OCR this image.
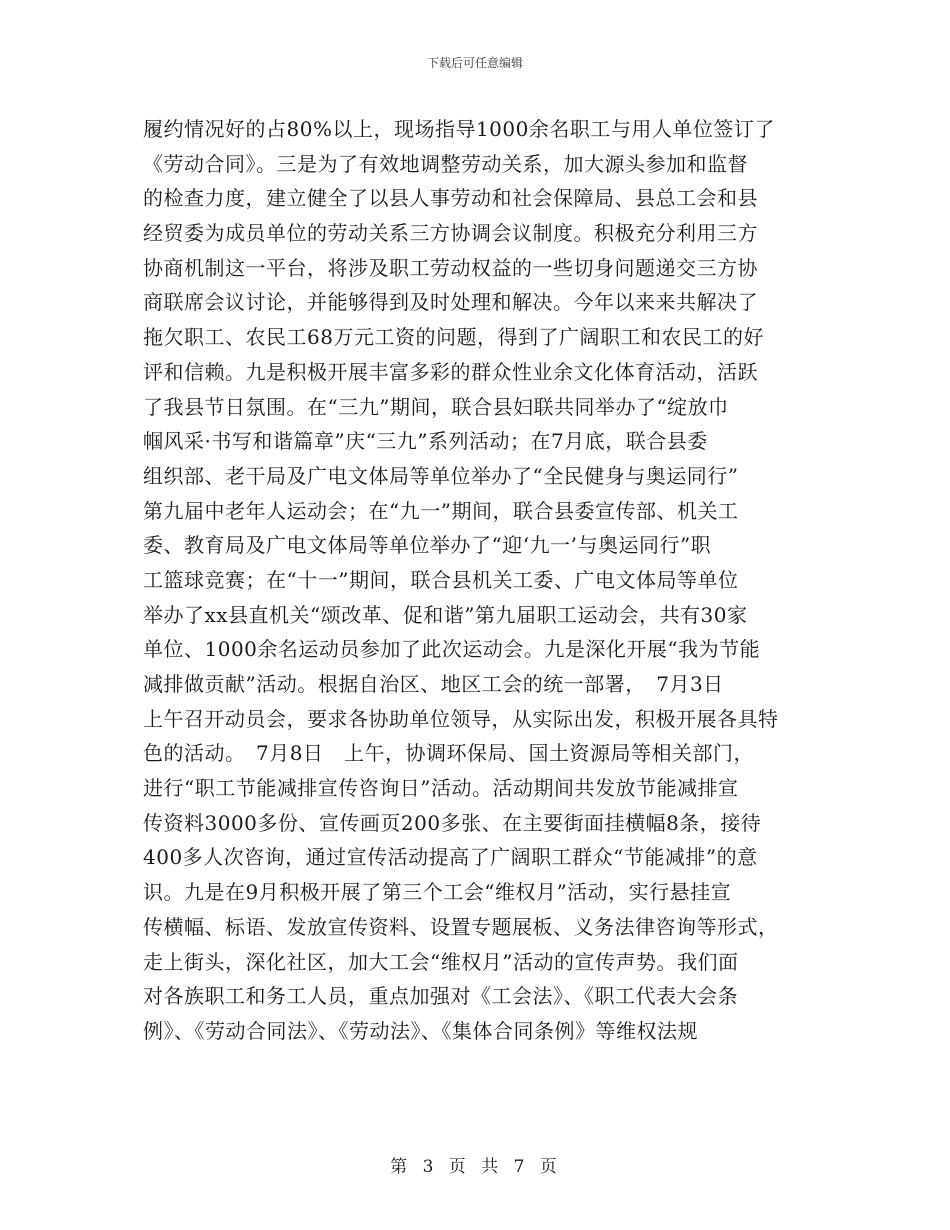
下载后可任意编辑
履约情况好的占80%以上，现场指导1000余名职工与用人单位签订了
《劳动合同》。三是为了有效地调整劳动关系，加大源头参加和监督
的检查力度，建立健全了以县人事劳动和社会保障局、县总工会和县
经贸委为成员单位的劳动关系三方协调会议制度。积极充分利用三方
协商机制这一平台，将涉及职工劳动权益的一些切身问题递交三方协
商联席会议讨论，并能够得到及时处理和解决。今年以来来共解决了
拖欠职工、农民工68万元工资的问题，得到了广阔职工和农民工的好
评和信赖。九是积极开展丰富多彩的群众性业余文化体育活动，活跃
了我县节日氛围。在“三九”期间，联合县妇联共同举办了“绽放巾
帼风采·书写和谐篇章”庆“三九”系列活动；在7月底，联合县委
组织部、老干局及广电文体局等单位举办了“全民健身与奥运同行”
第九届中老年人运动会；在“九一”期间，联合县委宣传部、机关工
委、教育局及广电文体局等单位举办了“迎‘九一’与奥运同行”职
工篮球竞赛；在“十一”期间，联合县机关工委、广电文体局等单位
举办了xx县直机关“颂改革、促和谐”第九届职工运动会，共有30家
单位、1000余名运动员参加了此次运动会。九是深化开展“我为节能
减排做贡献”活动。根据自治区、地区工会的统一部署，　7月3日
上午召开动员会，要求各协助单位领导，从实际出发，积极开展各具特
色的活动。　7月8日　上午，协调环保局、国土资源局等相关部门，
进行“职工节能减排宣传咨询日”活动。活动期间共发放节能减排宣
传资料3000多份、宣传画页200多张、在主要街面挂横幅8条，接待
400多人次咨询，通过宣传活动提高了广阔职工群众“节能减排”的意
识。九是在9月积极开展了第三个工会“维权月”活动，实行悬挂宣
传横幅、标语、发放宣传资料、设置专题展板、义务法律咨询等形式，
走上街头，深化社区，加大工会“维权月”活动的宣传声势。我们面
对各族职工和务工人员，重点加强对《工会法》、《职工代表大会条
例》、《劳动合同法》、《劳动法》、《集体合同条例》等维权法规
第 3 页 共 7 页
